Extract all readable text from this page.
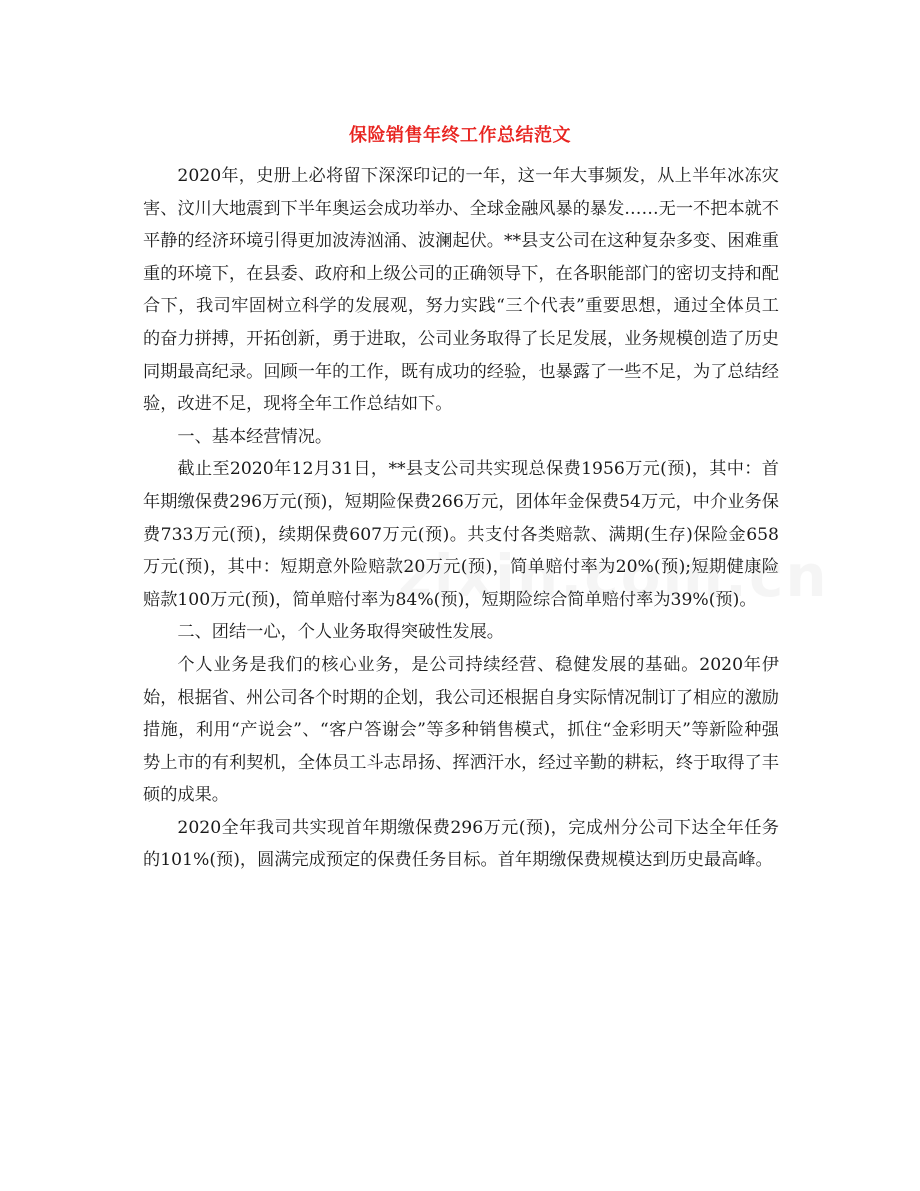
保险销售年终工作总结范文

2020年，史册上必将留下深深印记的一年，这一年大事频发，从上半年冰冻灾害、汶川大地震到下半年奥运会成功举办、全球金融风暴的暴发……无一不把本就不平静的经济环境引得更加波涛汹涌、波澜起伏。**县支公司在这种复杂多变、困难重重的环境下，在县委、政府和上级公司的正确领导下，在各职能部门的密切支持和配合下，我司牢固树立科学的发展观，努力实践“三个代表”重要思想，通过全体员工的奋力拼搏，开拓创新，勇于进取，公司业务取得了长足发展，业务规模创造了历史同期最高纪录。回顾一年的工作，既有成功的经验，也暴露了一些不足，为了总结经验，改进不足，现将全年工作总结如下。

一、基本经营情况。

截止至2020年12月31日，**县支公司共实现总保费1956万元(预)，其中：首年期缴保费296万元(预)，短期险保费266万元，团体年金保费54万元，中介业务保费733万元(预)，续期保费607万元(预)。共支付各类赔款、满期(生存)保险金658万元(预)，其中：短期意外险赔款20万元(预)，简单赔付率为20%(预);短期健康险赔款100万元(预)，简单赔付率为84%(预)，短期险综合简单赔付率为39%(预)。

二、团结一心，个人业务取得突破性发展。

个人业务是我们的核心业务，是公司持续经营、稳健发展的基础。2020年伊始，根据省、州公司各个时期的企划，我公司还根据自身实际情况制订了相应的激励措施，利用“产说会”、“客户答谢会”等多种销售模式，抓住“金彩明天”等新险种强势上市的有利契机，全体员工斗志昂扬、挥洒汗水，经过辛勤的耕耘，终于取得了丰硕的成果。

2020全年我司共实现首年期缴保费296万元(预)，完成州分公司下达全年任务的101%(预)，圆满完成预定的保费任务目标。首年期缴保费规模达到历史最高峰。
